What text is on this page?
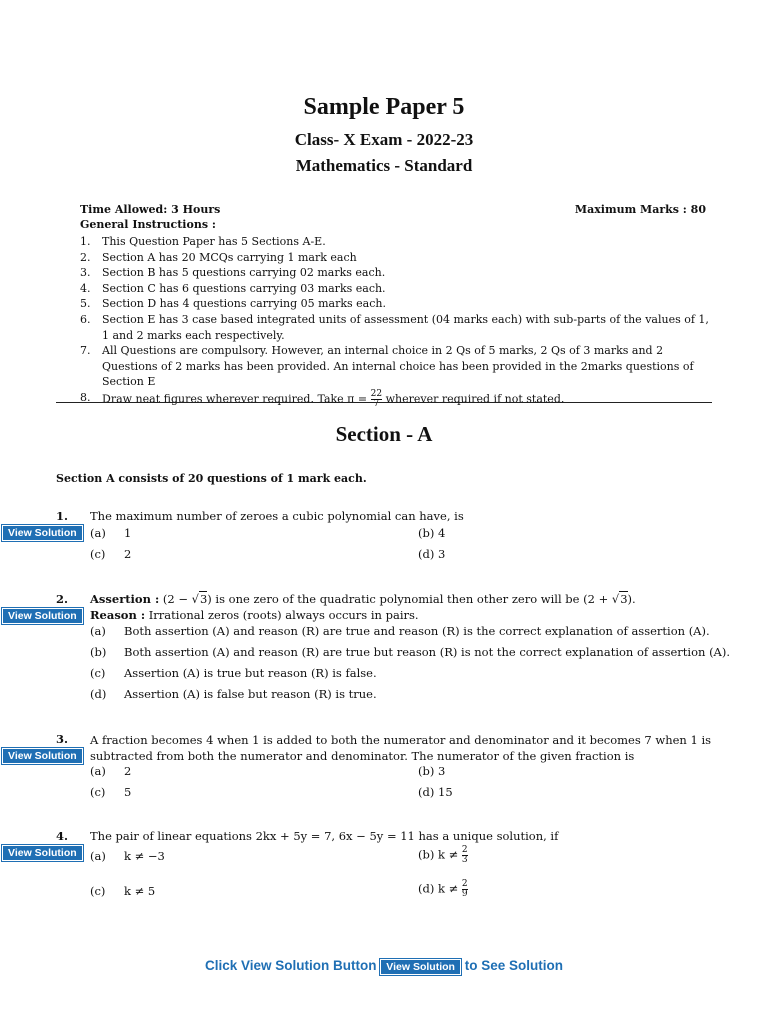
Sample Paper 5
Class- X Exam - 2022-23
Mathematics - Standard
Time Allowed: 3 Hours	Maximum Marks : 80
General Instructions :
1. This Question Paper has 5 Sections A-E.
2. Section A has 20 MCQs carrying 1 mark each
3. Section B has 5 questions carrying 02 marks each.
4. Section C has 6 questions carrying 03 marks each.
5. Section D has 4 questions carrying 05 marks each.
6. Section E has 3 case based integrated units of assessment (04 marks each) with sub-parts of the values of 1, 1 and 2 marks each respectively.
7. All Questions are compulsory. However, an internal choice in 2 Qs of 5 marks, 2 Qs of 3 marks and 2 Questions of 2 marks has been provided. An internal choice has been provided in the 2marks questions of Section E
8. Draw neat figures wherever required. Take $\pi = \frac{22}{7}$ wherever required if not stated.
Section - A
Section A consists of 20 questions of 1 mark each.
1. The maximum number of zeroes a cubic polynomial can have, is
View Solution	(a) 1	(b) 4
(c) 2	(d) 3
2. Assertion : (2 − √3) is one zero of the quadratic polynomial then other zero will be (2 + √3).
View Solution	Reason : Irrational zeros (roots) always occurs in pairs.
(a) Both assertion (A) and reason (R) are true and reason (R) is the correct explanation of assertion (A).
(b) Both assertion (A) and reason (R) are true but reason (R) is not the correct explanation of assertion (A).
(c) Assertion (A) is true but reason (R) is false.
(d) Assertion (A) is false but reason (R) is true.
3. A fraction becomes 4 when 1 is added to both the numerator and denominator and it becomes 7 when 1 is subtracted from both the numerator and denominator. The numerator of the given fraction is
View Solution
(a) 2	(b) 3
(c) 5	(d) 15
4. The pair of linear equations 2kx + 5y = 7, 6x − 5y = 11 has a unique solution, if
View Solution	(a) k ≠ −3	(b) $k \ne \frac{2}{3}$
(c) k ≠ 5	(d) $k \ne \frac{2}{9}$
Click View Solution Button View Solution to See Solution
